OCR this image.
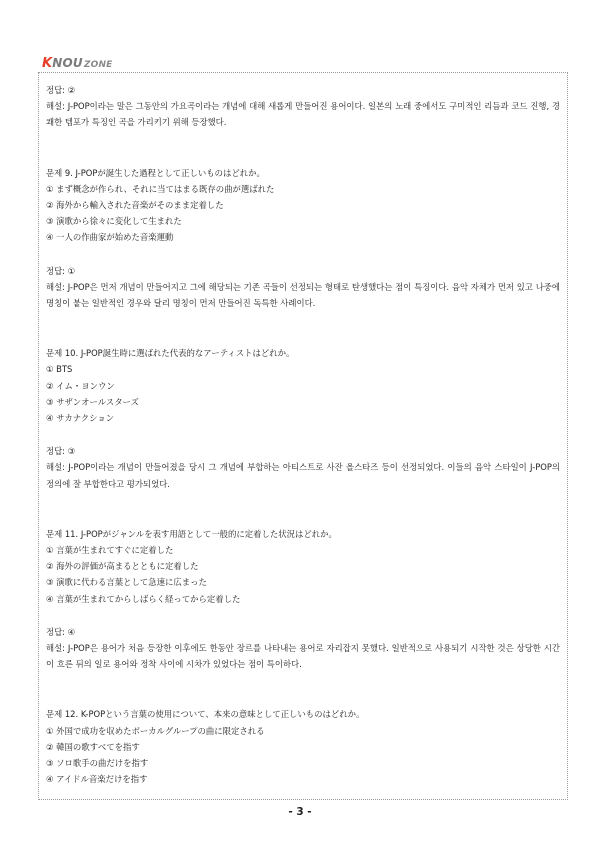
KNOUZONE
정답: ②
해설: J-POP이라는 말은 그동안의 가요곡이라는 개념에 대해 새롭게 만들어진 용어이다. 일본의 노래 중에서도 구미적인 리듬과 코드 진행, 경쾌한 템포가 특징인 곡을 가리키기 위해 등장했다.
문제 9. J-POPが誕生した過程として正しいものはどれか。
① まず概念が作られ、それに当てはまる既存の曲が選ばれた
② 海外から輸入された音楽がそのまま定着した
③ 演歌から徐々に変化して生まれた
④ 一人の作曲家が始めた音楽運動
정답: ①
해설: J-POP은 먼저 개념이 만들어지고 그에 해당되는 기존 곡들이 선정되는 형태로 탄생했다는 점이 특징이다. 음악 자체가 먼저 있고 나중에 명칭이 붙는 일반적인 경우와 달리 명칭이 먼저 만들어진 독특한 사례이다.
문제 10. J-POP誕生時に選ばれた代表的なアーティストはどれか。
① BTS
② イム・ヨンウン
③ サザンオールスターズ
④ サカナクション
정답: ③
해설: J-POP이라는 개념이 만들어졌을 당시 그 개념에 부합하는 아티스트로 사잔 올스타즈 등이 선정되었다. 이들의 음악 스타일이 J-POP의 정의에 잘 부합한다고 평가되었다.
문제 11. J-POPがジャンルを表す用語として一般的に定着した状況はどれか。
① 言葉が生まれてすぐに定着した
② 海外の評価が高まるとともに定着した
③ 演歌に代わる言葉として急速に広まった
④ 言葉が生まれてからしばらく経ってから定着した
정답: ④
해설: J-POP은 용어가 처음 등장한 이후에도 한동안 장르를 나타내는 용어로 자리잡지 못했다. 일반적으로 사용되기 시작한 것은 상당한 시간이 흐른 뒤의 일로 용어와 정착 사이에 시차가 있었다는 점이 특이하다.
문제 12. K-POPという言葉の使用について、本来の意味として正しいものはどれか。
① 外国で成功を収めたボーカルグループの曲に限定される
② 韓国の歌すべてを指す
③ ソロ歌手の曲だけを指す
④ アイドル音楽だけを指す
- 3 -
